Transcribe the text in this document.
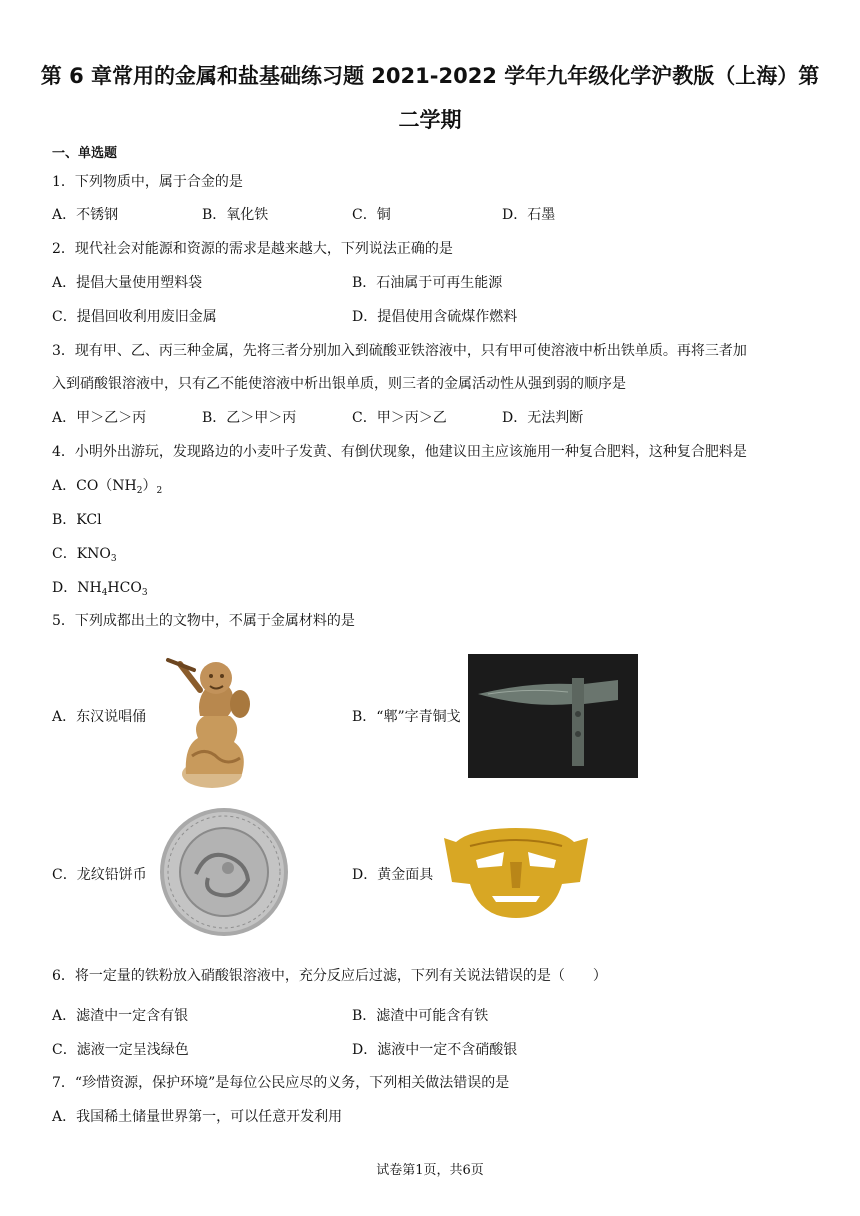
第 6 章常用的金属和盐基础练习题 2021-2022 学年九年级化学沪教版（上海）第
二学期
一、单选题
1．下列物质中，属于合金的是
A．不锈钢	B．氧化铁	C．铜	D．石墨
2．现代社会对能源和资源的需求是越来越大，下列说法正确的是
A．提倡大量使用塑料袋	B．石油属于可再生能源
C．提倡回收利用废旧金属	D．提倡使用含硫煤作燃料
3．现有甲、乙、丙三种金属，先将三者分别加入到硫酸亚铁溶液中，只有甲可使溶液中析出铁单质。再将三者加
入到硝酸银溶液中，只有乙不能使溶液中析出银单质，则三者的金属活动性从强到弱的顺序是
A．甲＞乙＞丙	B．乙＞甲＞丙	C．甲＞丙＞乙	D．无法判断
4．小明外出游玩，发现路边的小麦叶子发黄、有倒伏现象，他建议田主应该施用一种复合肥料，这种复合肥料是
A．$CO(NH_2)_2$
B．KCl
C．$KNO_3$
D．$NH_4HCO_3$
5．下列成都出土的文物中，不属于金属材料的是
A．东汉说唱俑	B．“郫”字青铜戈
C．龙纹铅饼币	D．黄金面具
6．将一定量的铁粉放入硝酸银溶液中，充分反应后过滤，下列有关说法错误的是（　　）
A．滤渣中一定含有银	B．滤渣中可能含有铁
C．滤液一定呈浅绿色	D．滤液中一定不含硝酸银
7．“珍惜资源，保护环境”是每位公民应尽的义务，下列相关做法错误的是
A．我国稀土储量世界第一，可以任意开发利用
试卷第1页，共6页
